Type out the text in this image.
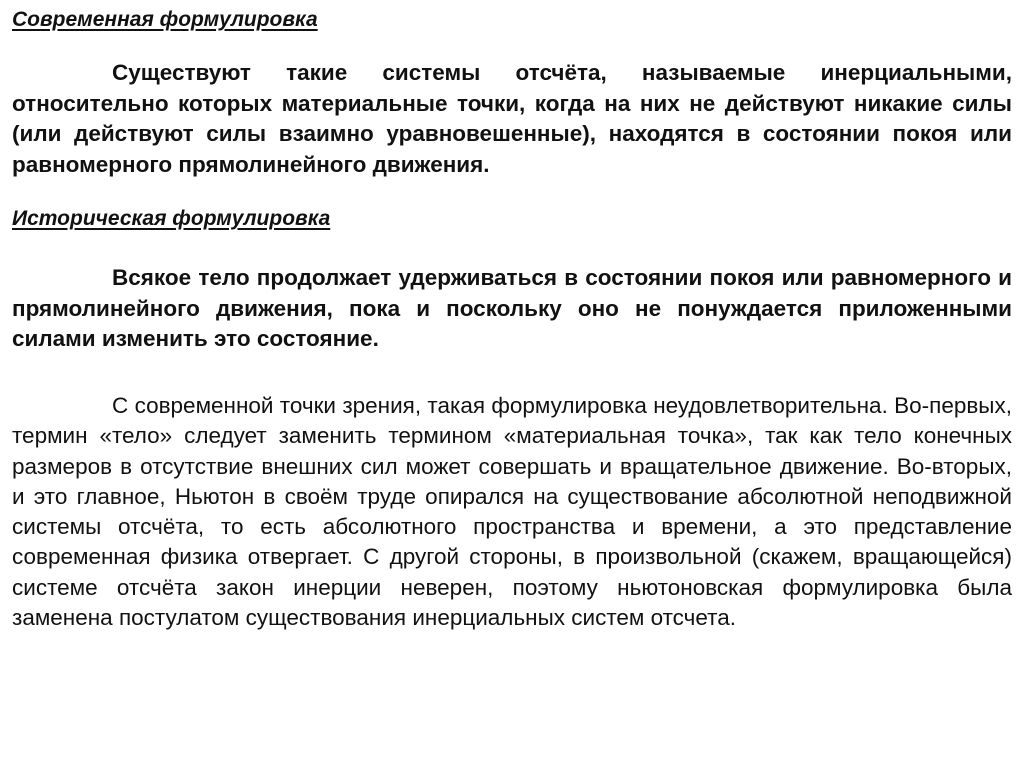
Современная формулировка

Существуют такие системы отсчёта, называемые инерциальными, относительно которых материальные точки, когда на них не действуют никакие силы (или действуют силы взаимно уравновешенные), находятся в состоянии покоя или равномерного прямолинейного движения.

Историческая формулировка

Всякое тело продолжает удерживаться в состоянии покоя или равномерного и прямолинейного движения, пока и поскольку оно не понуждается приложенными силами изменить это состояние.

С современной точки зрения, такая формулировка неудовлетворительна. Во-первых, термин «тело» следует заменить термином «материальная точка», так как тело конечных размеров в отсутствие внешних сил может совершать и вращательное движение. Во-вторых, и это главное, Ньютон в своём труде опирался на существование абсолютной неподвижной системы отсчёта, то есть абсолютного пространства и времени, а это представление современная физика отвергает. С другой стороны, в произвольной (скажем, вращающейся) системе отсчёта закон инерции неверен, поэтому ньютоновская формулировка была заменена постулатом существования инерциальных систем отсчета.
